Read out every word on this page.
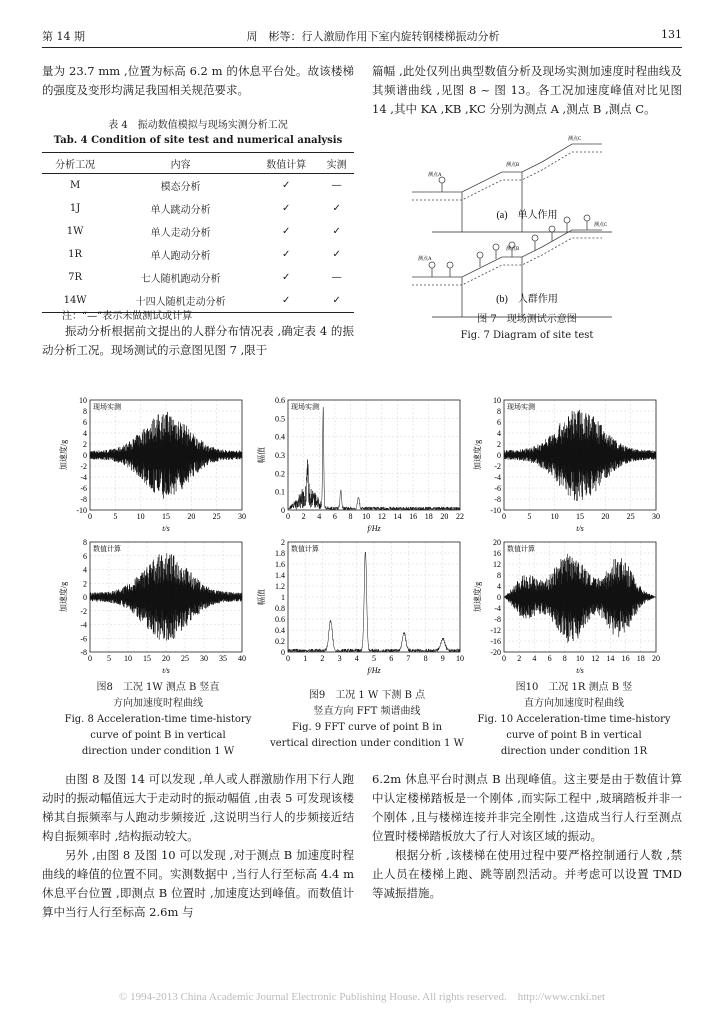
第 14 期	周　彬等：行人激励作用下室内旋转钢楼梯振动分析	131

量为 23.7 mm ,位置为标高 6.2 m 的休息平台处。故该楼梯的强度及变形均满足我国相关规范要求。

表 4　振动数值模拟与现场实测分析工况
Tab. 4 Condition of site test and numerical analysis
分析工况	内容	数值计算	实测
M	模态分析	✓	—
1J	单人跳动分析	✓	✓
1W	单人走动分析	✓	✓
1R	单人跑动分析	✓	✓
7R	七人随机跑动分析	✓	—
14W	十四人随机走动分析	✓	✓
注：“—”表示未做测试或计算

振动分析根据前文提出的人群分布情况表 ,确定表 4 的振动分析工况。现场测试的示意图见图 7 ,限于

篇幅 ,此处仅列出典型数值分析及现场实测加速度时程曲线及其频谱曲线 ,见图 8 ~ 图 13。各工况加速度峰值对比见图 14 ,其中 KA ,KB ,KC 分别为测点 A ,测点 B ,测点 C。

测点A
测点B
测点C
(a)　单人作用
测点A
测点B
测点C
(b)　人群作用
图 7　现场测试示意图
Fig. 7 Diagram of site test
0	5 10 15 20 25 30
-10
-8
-6
-4
-2
0
2
4
6
8
10
t/s
加速度/g
现场实测
0 5 10 15 20 25 30 35 40
-8
-6
-4
-2
0
2
4
6
8
t/s
加速度/g
数值计算
0 2 4 6 8 10 12 14 16 18 20 22
0
0.1
0.2
0.3
0.4
0.5
0.6
f/Hz
幅值
现场实测
0 1 2 3 4 5 6 7 8 9 10
0
0.2
0.4
0.6
0.8
1
1.2
1.4
1.6
1.8
2
f/Hz
幅值
数值计算
0	5 10 15 20 25 30
-10
-8
-6
-4
-2
0
2
4
6
8
10
t/s
加速度/g
现场实测
0 2 4 6 8 10 12 14 16 18 20
-20
-16
-12
-8
-4
0
4
8
12
16
20
t/s
加速度/g
数值计算
图8　工况 1W 测点 B 竖直
方向加速度时程曲线
Fig. 8 Acceleration-time time-history
curve of point B in vertical
direction under condition 1 W
图9　工况 1 W 下测 B 点
竖直方向 FFT 频谱曲线
Fig. 9 FFT curve of point B in
vertical direction under condition 1 W
图10　工况 1R 测点 B 竖
直方向加速度时程曲线
Fig. 10 Acceleration-time time-history
curve of point B in vertical
direction under condition 1R

由图 8 及图 14 可以发现 ,单人或人群激励作用下行人跑动时的振动幅值远大于走动时的振动幅值 ,由表 5 可发现该楼梯其自振频率与人跑动步频接近 ,这说明当行人的步频接近结构自振频率时 ,结构振动较大。

另外 ,由图 8 及图 10 可以发现 ,对于测点 B 加速度时程曲线的峰值的位置不同。实测数据中 ,当行人行至标高 4.4 m 休息平台位置 ,即测点 B 位置时 ,加速度达到峰值。而数值计算中当行人行至标高 2.6m 与

6.2m 休息平台时测点 B 出现峰值。这主要是由于数值计算中认定楼梯踏板是一个刚体 ,而实际工程中 ,玻璃踏板并非一个刚体 ,且与楼梯连接并非完全刚性 ,这造成当行人行至测点位置时楼梯踏板放大了行人对该区域的振动。

根据分析 ,该楼梯在使用过程中要严格控制通行人数 ,禁止人员在楼梯上跑、跳等剧烈活动。并考虑可以设置 TMD 等减振措施。

© 1994-2013 China Academic Journal Electronic Publishing House. All rights reserved.　http://www.cnki.net
